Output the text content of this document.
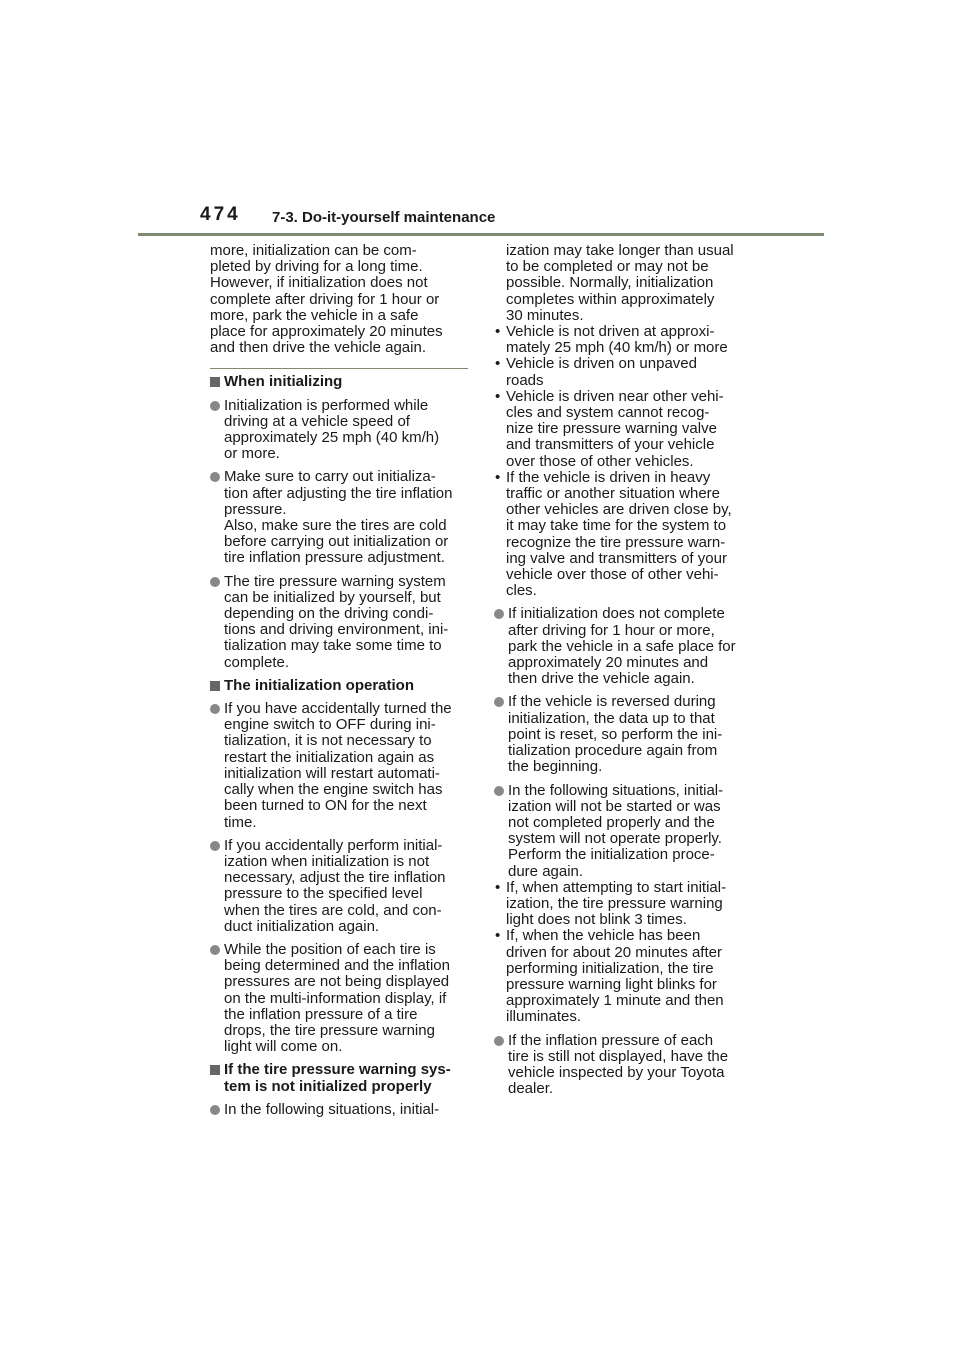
474 7-3. Do-it-yourself maintenance

more, initialization can be com-
pleted by driving for a long time.
However, if initialization does not
complete after driving for 1 hour or
more, park the vehicle in a safe
place for approximately 20 minutes
and then drive the vehicle again.

When initializing
Initialization is performed while
driving at a vehicle speed of
approximately 25 mph (40 km/h)
or more.
Make sure to carry out initializa-
tion after adjusting the tire inflation
pressure.
Also, make sure the tires are cold
before carrying out initialization or
tire inflation pressure adjustment.
The tire pressure warning system
can be initialized by yourself, but
depending on the driving condi-
tions and driving environment, ini-
tialization may take some time to
complete.
The initialization operation
If you have accidentally turned the
engine switch to OFF during ini-
tialization, it is not necessary to
restart the initialization again as
initialization will restart automati-
cally when the engine switch has
been turned to ON for the next
time.
If you accidentally perform initial-
ization when initialization is not
necessary, adjust the tire inflation
pressure to the specified level
when the tires are cold, and con-
duct initialization again.
While the position of each tire is
being determined and the inflation
pressures are not being displayed
on the multi-information display, if
the inflation pressure of a tire
drops, the tire pressure warning
light will come on.
If the tire pressure warning sys-
tem is not initialized properly
In the following situations, initial-
ization may take longer than usual
to be completed or may not be
possible. Normally, initialization
completes within approximately
30 minutes.
• Vehicle is not driven at approxi-
mately 25 mph (40 km/h) or more
• Vehicle is driven on unpaved
roads
• Vehicle is driven near other vehi-
cles and system cannot recog-
nize tire pressure warning valve
and transmitters of your vehicle
over those of other vehicles.
• If the vehicle is driven in heavy
traffic or another situation where
other vehicles are driven close by,
it may take time for the system to
recognize the tire pressure warn-
ing valve and transmitters of your
vehicle over those of other vehi-
cles.
If initialization does not complete
after driving for 1 hour or more,
park the vehicle in a safe place for
approximately 20 minutes and
then drive the vehicle again.
If the vehicle is reversed during
initialization, the data up to that
point is reset, so perform the ini-
tialization procedure again from
the beginning.
In the following situations, initial-
ization will not be started or was
not completed properly and the
system will not operate properly.
Perform the initialization proce-
dure again.
• If, when attempting to start initial-
ization, the tire pressure warning
light does not blink 3 times.
• If, when the vehicle has been
driven for about 20 minutes after
performing initialization, the tire
pressure warning light blinks for
approximately 1 minute and then
illuminates.
If the inflation pressure of each
tire is still not displayed, have the
vehicle inspected by your Toyota
dealer.
